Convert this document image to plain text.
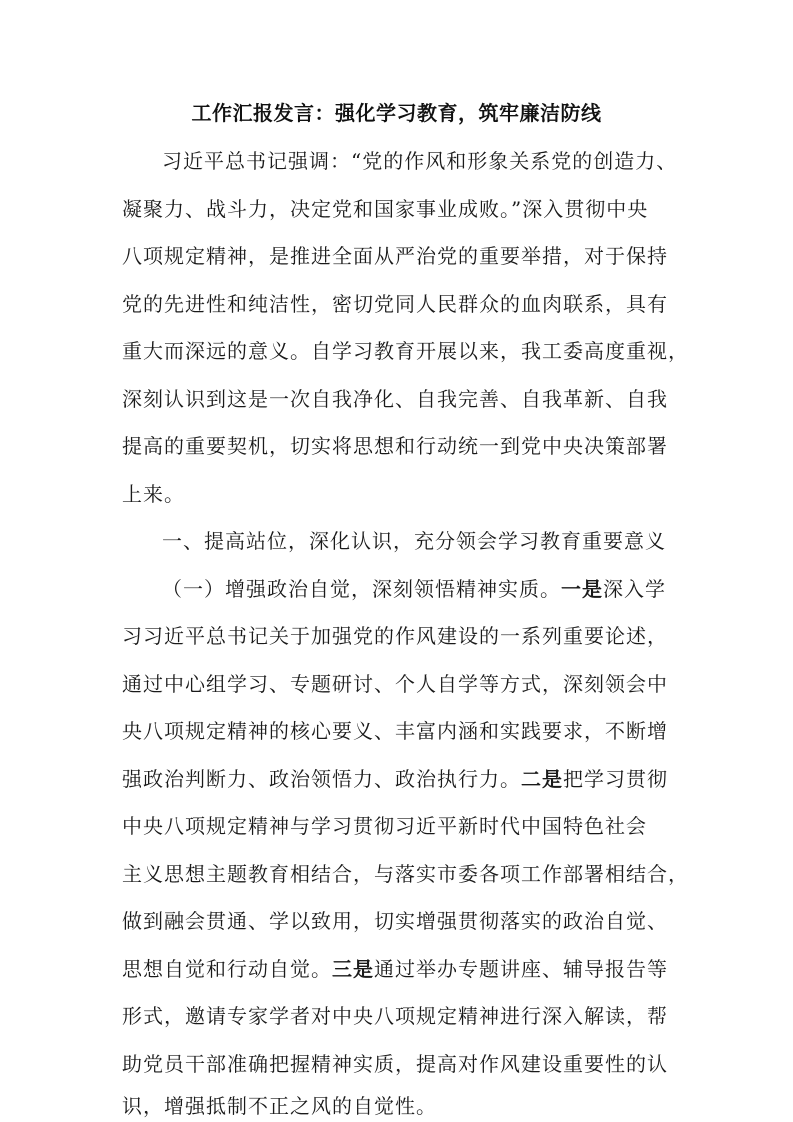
工作汇报发言：强化学习教育，筑牢廉洁防线
习近平总书记强调：“党的作风和形象关系党的创造力、
凝聚力、战斗力，决定党和国家事业成败。”深入贯彻中央
八项规定精神，是推进全面从严治党的重要举措，对于保持
党的先进性和纯洁性，密切党同人民群众的血肉联系，具有
重大而深远的意义。自学习教育开展以来，我工委高度重视，
深刻认识到这是一次自我净化、自我完善、自我革新、自我
提高的重要契机，切实将思想和行动统一到党中央决策部署
上来。
一、提高站位，深化认识，充分领会学习教育重要意义
（一）增强政治自觉，深刻领悟精神实质。一是深入学
习习近平总书记关于加强党的作风建设的一系列重要论述，
通过中心组学习、专题研讨、个人自学等方式，深刻领会中
央八项规定精神的核心要义、丰富内涵和实践要求，不断增
强政治判断力、政治领悟力、政治执行力。二是把学习贯彻
中央八项规定精神与学习贯彻习近平新时代中国特色社会
主义思想主题教育相结合，与落实市委各项工作部署相结合，
做到融会贯通、学以致用，切实增强贯彻落实的政治自觉、
思想自觉和行动自觉。三是通过举办专题讲座、辅导报告等
形式，邀请专家学者对中央八项规定精神进行深入解读，帮
助党员干部准确把握精神实质，提高对作风建设重要性的认
识，增强抵制不正之风的自觉性。
